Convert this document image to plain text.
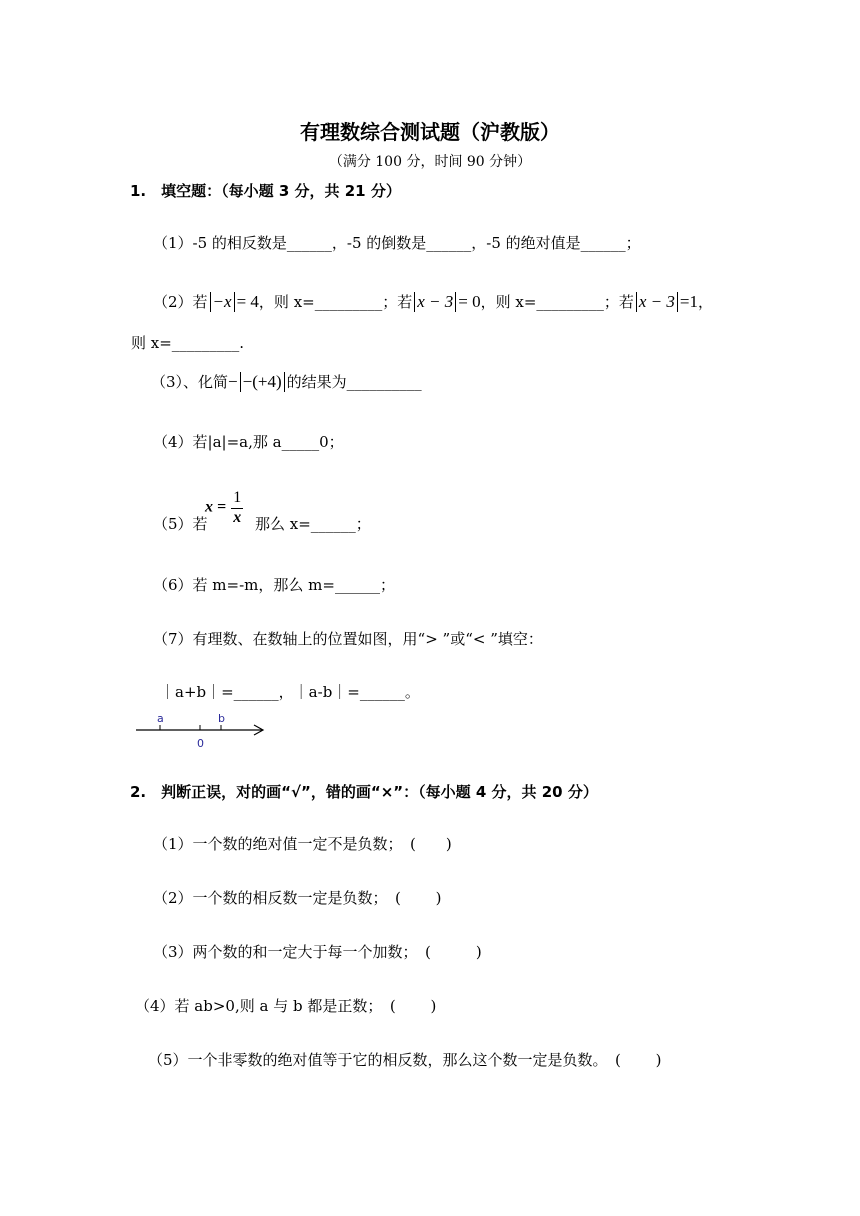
有理数综合测试题（沪教版）
（满分 100 分，时间 90 分钟）
1.　填空题：（每小题 3 分，共 21 分）
（1）-5 的相反数是______，-5 的倒数是______，-5 的绝对值是______；
（2）若 −x = 4，则 x=_________；若 x − 3 = 0，则 x=_________；若 x − 3 =1，
则 x=_________.
（3）、化简− −(+4) 的结果为__________
（4）若|a|=a,那 a_____0；
（5）若
$x = \frac{1}{x}$ 那么 x=______；
（6）若 m=-m，那么 m=______；
（7）有理数、在数轴上的位置如图，用“> ”或“< ”填空：
｜a+b｜=______，｜a-b｜=______。
a	b
0
2.　判断正误，对的画“√”，错的画“×”：（每小题 4 分，共 20 分）
（1）一个数的绝对值一定不是负数；　(　　)
（2）一个数的相反数一定是负数；　(　　 )
（3）两个数的和一定大于每一个加数；　(　　　)
（4）若 ab>0,则 a 与 b 都是正数；　(　　 )
（5）一个非零数的绝对值等于它的相反数，那么这个数一定是负数。　(　　 )
